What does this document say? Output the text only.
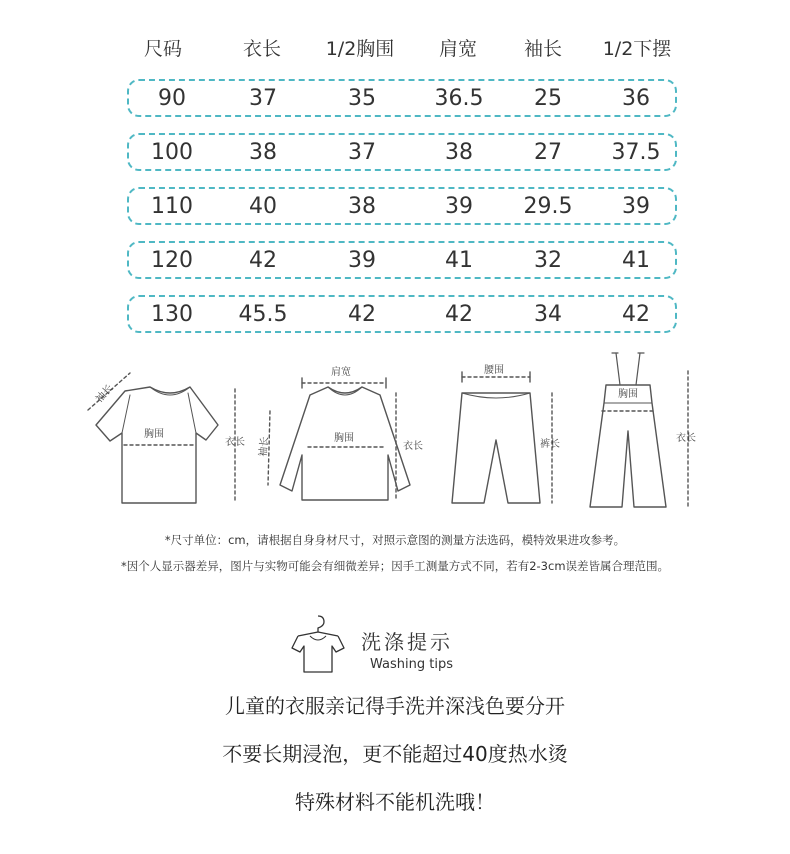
尺码	衣长 1/2胸围 肩宽 袖长 1/2下摆
90	37	35	36.5 25	36
100	38	37	38	27 37.5
110	40	38	39 29.5 39
120	42	39	41	32	41
130 45.5	42	42	34	42
袖长
胸围
衣长
肩宽
胸围
袖长	衣长
腰围
裤长
胸围
衣长
*尺寸单位：cm，请根据自身身材尺寸，对照示意图的测量方法选码，模特效果进攻参考。
*因个人显示器差异，图片与实物可能会有细微差异；因手工测量方式不同，若有2-3cm误差皆属合理范围。
洗涤提示
Washing tips
儿童的衣服亲记得手洗并深浅色要分开
不要长期浸泡，更不能超过40度热水烫
特殊材料不能机洗哦！
